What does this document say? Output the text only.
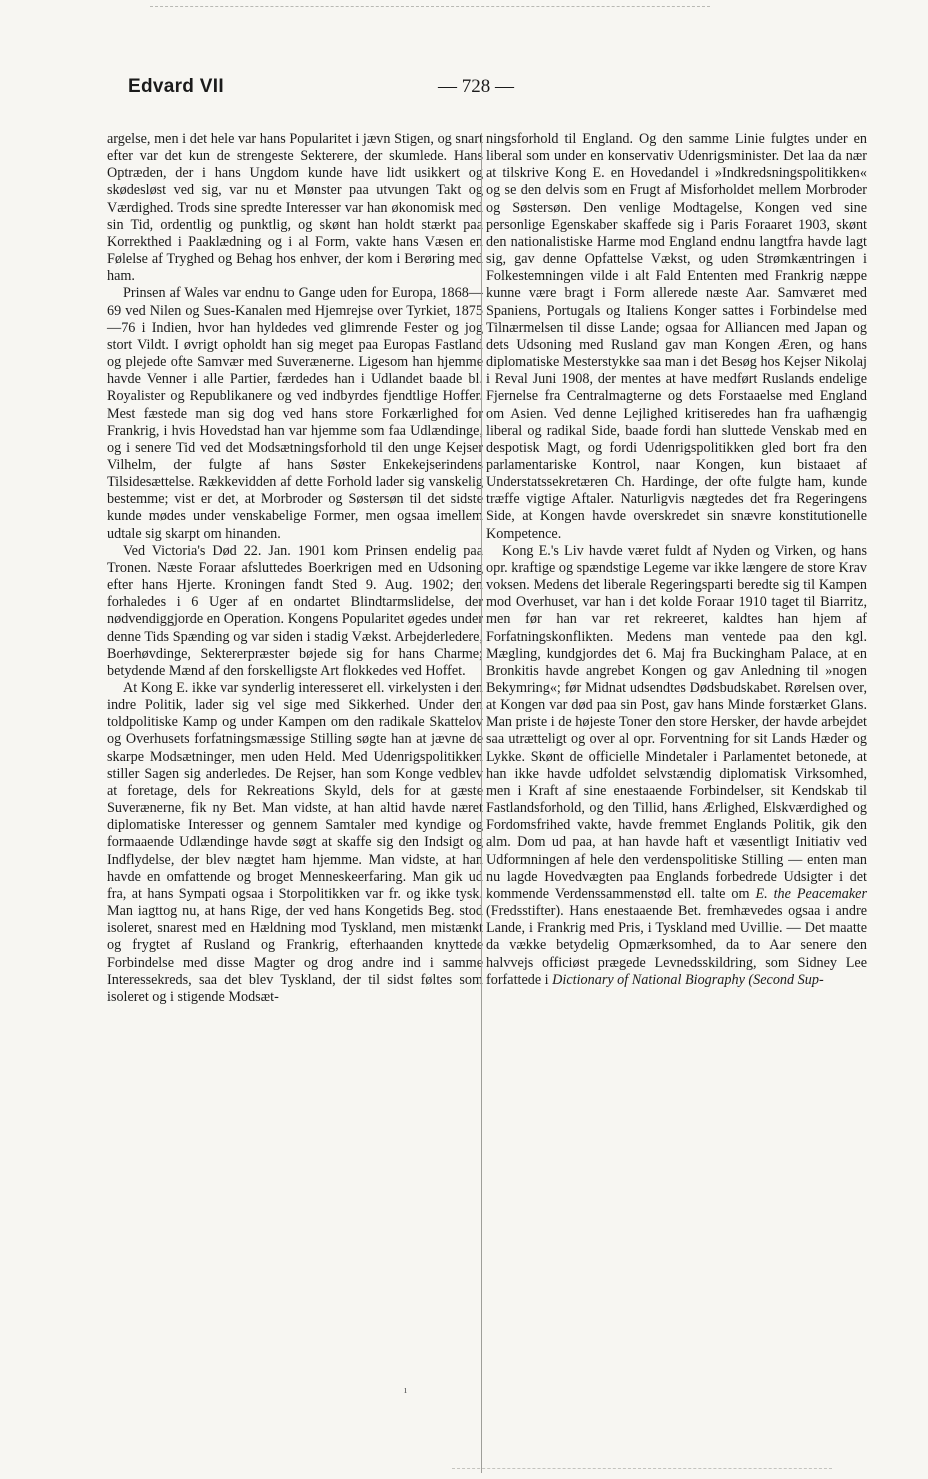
Edvard VII	— 728 —

argelse, men i det hele var hans Popularitet i jævn Stigen, og snart efter var det kun de strengeste Sekterere, der skumlede. Hans Optræden, der i hans Ungdom kunde have lidt usikkert og skødesløst ved sig, var nu et Mønster paa utvungen Takt og Værdighed. Trods sine spredte Interesser var han økonomisk med sin Tid, ordentlig og punktlig, og skønt han holdt stærkt paa Korrekthed i Paaklædning og i al Form, vakte hans Væsen en Følelse af Tryghed og Behag hos enhver, der kom i Berøring med ham.

Prinsen af Wales var endnu to Gange uden for Europa, 1868—69 ved Nilen og Sues-Kanalen med Hjemrejse over Tyrkiet, 1875—76 i Indien, hvor han hyldedes ved glimrende Fester og jog stort Vildt. I øvrigt opholdt han sig meget paa Europas Fastland og plejede ofte Samvær med Suverænerne. Ligesom han hjemme havde Venner i alle Partier, færdedes han i Udlandet baade bl. Royalister og Republikanere og ved indbyrdes fjendtlige Hoffer. Mest fæstede man sig dog ved hans store Forkærlighed for Frankrig, i hvis Hovedstad han var hjemme som faa Udlændinge, og i senere Tid ved det Modsætningsforhold til den unge Kejser Vilhelm, der fulgte af hans Søster Enkekejserindens Tilsidesættelse. Rækkevidden af dette Forhold lader sig vanskelig bestemme; vist er det, at Morbroder og Søstersøn til det sidste kunde mødes under venskabelige Former, men ogsaa imellem udtale sig skarpt om hinanden.

Ved Victoria's Død 22. Jan. 1901 kom Prinsen endelig paa Tronen. Næste Foraar afsluttedes Boerkrigen med en Udsoning efter hans Hjerte. Kroningen fandt Sted 9. Aug. 1902; den forhaledes i 6 Uger af en ondartet Blindtarmslidelse, der nødvendiggjorde en Operation. Kongens Popularitet øgedes under denne Tids Spænding og var siden i stadig Vækst. Arbejderledere, Boerhøvdinge, Sektererpræster bøjede sig for hans Charme; betydende Mænd af den forskelligste Art flokkedes ved Hoffet.

At Kong E. ikke var synderlig interesseret ell. virkelysten i den indre Politik, lader sig vel sige med Sikkerhed. Under den toldpolitiske Kamp og under Kampen om den radikale Skattelov og Overhusets forfatningsmæssige Stilling søgte han at jævne de skarpe Modsætninger, men uden Held. Med Udenrigspolitikken stiller Sagen sig anderledes. De Rejser, han som Konge vedblev at foretage, dels for Rekreations Skyld, dels for at gæste Suverænerne, fik ny Bet. Man vidste, at han altid havde næret diplomatiske Interesser og gennem Samtaler med kyndige og formaaende Udlændinge havde søgt at skaffe sig den Indsigt og Indflydelse, der blev nægtet ham hjemme. Man vidste, at han havde en omfattende og broget Menneskeerfaring. Man gik ud fra, at hans Sympati ogsaa i Storpolitikken var fr. og ikke tysk. Man iagttog nu, at hans Rige, der ved hans Kongetids Beg. stod isoleret, snarest med en Hældning mod Tyskland, men mistænkt og frygtet af Rusland og Frankrig, efterhaanden knyttede Forbindelse med disse Magter og drog andre ind i samme Interessekreds, saa det blev Tyskland, der til sidst føltes som isoleret og i stigende Modsæt-

ningsforhold til England. Og den samme Linie fulgtes under en liberal som under en konservativ Udenrigsminister. Det laa da nær at tilskrive Kong E. en Hovedandel i »Indkredsningspolitikken« og se den delvis som en Frugt af Misforholdet mellem Morbroder og Søstersøn. Den venlige Modtagelse, Kongen ved sine personlige Egenskaber skaffede sig i Paris Foraaret 1903, skønt den nationalistiske Harme mod England endnu langtfra havde lagt sig, gav denne Opfattelse Vækst, og uden Strømkæntringen i Folkestemningen vilde i alt Fald Ententen med Frankrig næppe kunne være bragt i Form allerede næste Aar. Samværet med Spaniens, Portugals og Italiens Konger sattes i Forbindelse med Tilnærmelsen til disse Lande; ogsaa for Alliancen med Japan og dets Udsoning med Rusland gav man Kongen Æren, og hans diplomatiske Mesterstykke saa man i det Besøg hos Kejser Nikolaj i Reval Juni 1908, der mentes at have medført Ruslands endelige Fjernelse fra Centralmagterne og dets Forstaaelse med England om Asien. Ved denne Lejlighed kritiseredes han fra uafhængig liberal og radikal Side, baade fordi han sluttede Venskab med en despotisk Magt, og fordi Udenrigspolitikken gled bort fra den parlamentariske Kontrol, naar Kongen, kun bistaaet af Understatssekretæren Ch. Hardinge, der ofte fulgte ham, kunde træffe vigtige Aftaler. Naturligvis nægtedes det fra Regeringens Side, at Kongen havde overskredet sin snævre konstitutionelle Kompetence.

Kong E.'s Liv havde været fuldt af Nyden og Virken, og hans opr. kraftige og spændstige Legeme var ikke længere de store Krav voksen. Medens det liberale Regeringsparti beredte sig til Kampen mod Overhuset, var han i det kolde Foraar 1910 taget til Biarritz, men før han var ret rekreeret, kaldtes han hjem af Forfatningskonflikten. Medens man ventede paa den kgl. Mægling, kundgjordes det 6. Maj fra Buckingham Palace, at en Bronkitis havde angrebet Kongen og gav Anledning til »nogen Bekymring«; før Midnat udsendtes Dødsbudskabet. Rørelsen over, at Kongen var død paa sin Post, gav hans Minde forstærket Glans. Man priste i de højeste Toner den store Hersker, der havde arbejdet saa utrætteligt og over al opr. Forventning for sit Lands Hæder og Lykke. Skønt de officielle Mindetaler i Parlamentet betonede, at han ikke havde udfoldet selvstændig diplomatisk Virksomhed, men i Kraft af sine enestaaende Forbindelser, sit Kendskab til Fastlandsforhold, og den Tillid, hans Ærlighed, Elskværdighed og Fordomsfrihed vakte, havde fremmet Englands Politik, gik den alm. Dom ud paa, at han havde haft et væsentligt Initiativ ved Udformningen af hele den verdenspolitiske Stilling — enten man nu lagde Hovedvægten paa Englands forbedrede Udsigter i det kommende Verdenssammenstød ell. talte om E. the Peacemaker (Fredsstifter). Hans enestaaende Bet. fremhævedes ogsaa i andre Lande, i Frankrig med Pris, i Tyskland med Uvillie. — Det maatte da vække betydelig Opmærksomhed, da to Aar senere den halvvejs officiøst prægede Levnedsskildring, som Sidney Lee forfattede i Dictionary of National Biography (Second Sup-

ı
